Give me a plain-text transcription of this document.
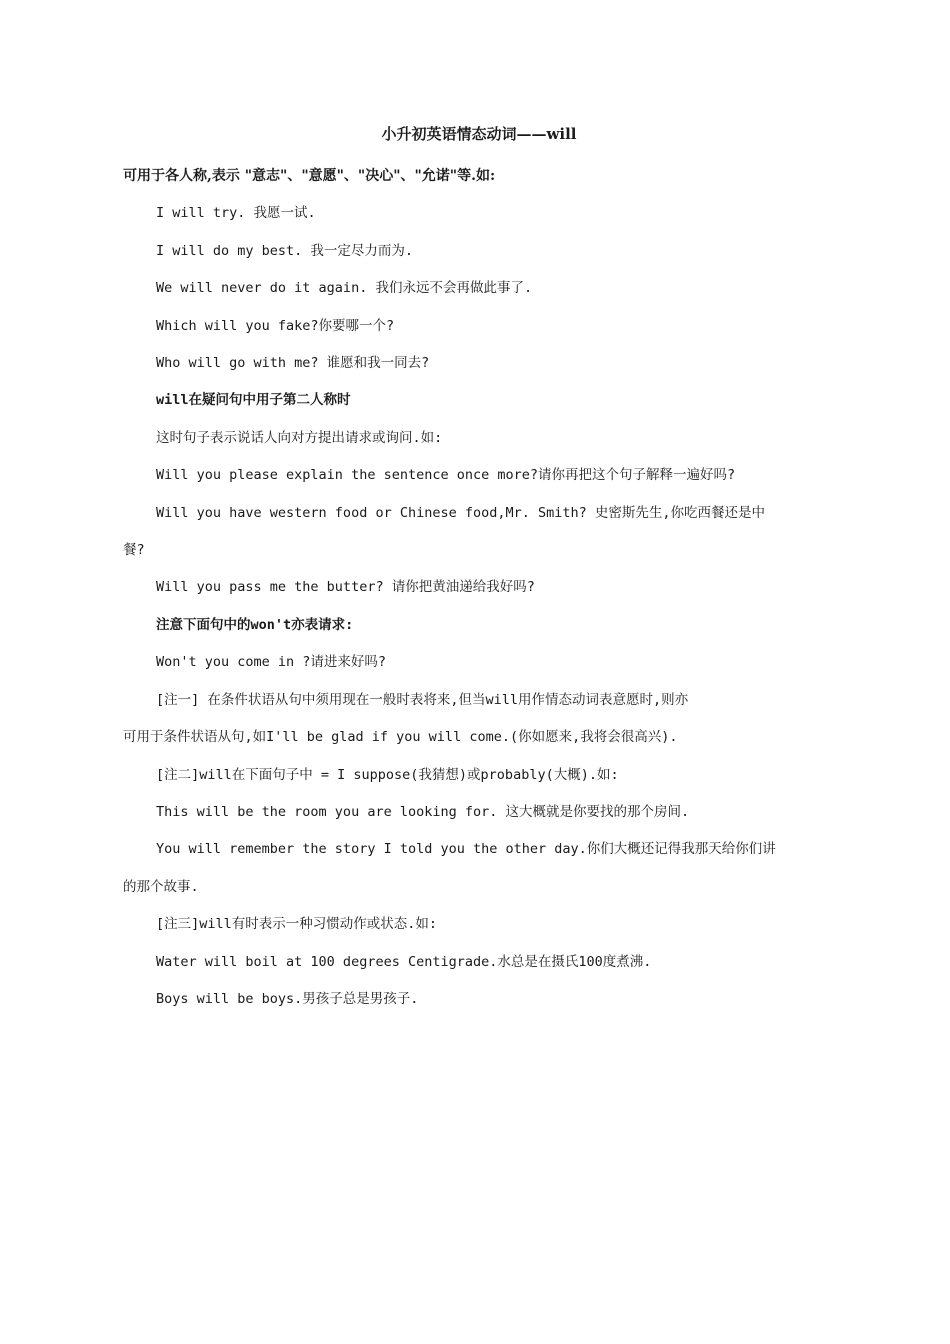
小升初英语情态动词——will

可用于各人称,表示 "意志"、"意愿"、"决心"、"允诺"等.如:

I will try. 我愿一试.

I will do my best. 我一定尽力而为.

We will never do it again. 我们永远不会再做此事了.

Which will you fake?你要哪一个?

Who will go with me? 谁愿和我一同去?

will在疑问句中用子第二人称时

这时句子表示说话人向对方提出请求或询问.如:

Will you please explain the sentence once more?请你再把这个句子解释一遍好吗?

Will you have western food or Chinese food,Mr. Smith? 史密斯先生,你吃西餐还是中

餐?

Will you pass me the butter? 请你把黄油递给我好吗?

注意下面句中的won't亦表请求:

Won't you come in ?请进来好吗?

[注一] 在条件状语从句中须用现在一般时表将来,但当will用作情态动词表意愿时,则亦

可用于条件状语从句,如I'll be glad if you will come.(你如愿来,我将会很高兴).

[注二]will在下面句子中 = I suppose(我猜想)或probably(大概).如:

This will be the room you are looking for. 这大概就是你要找的那个房间.

You will remember the story I told you the other day.你们大概还记得我那天给你们讲

的那个故事.

[注三]will有时表示一种习惯动作或状态.如:

Water will boil at 100 degrees Centigrade.水总是在摄氏100度煮沸.

Boys will be boys.男孩子总是男孩子.
